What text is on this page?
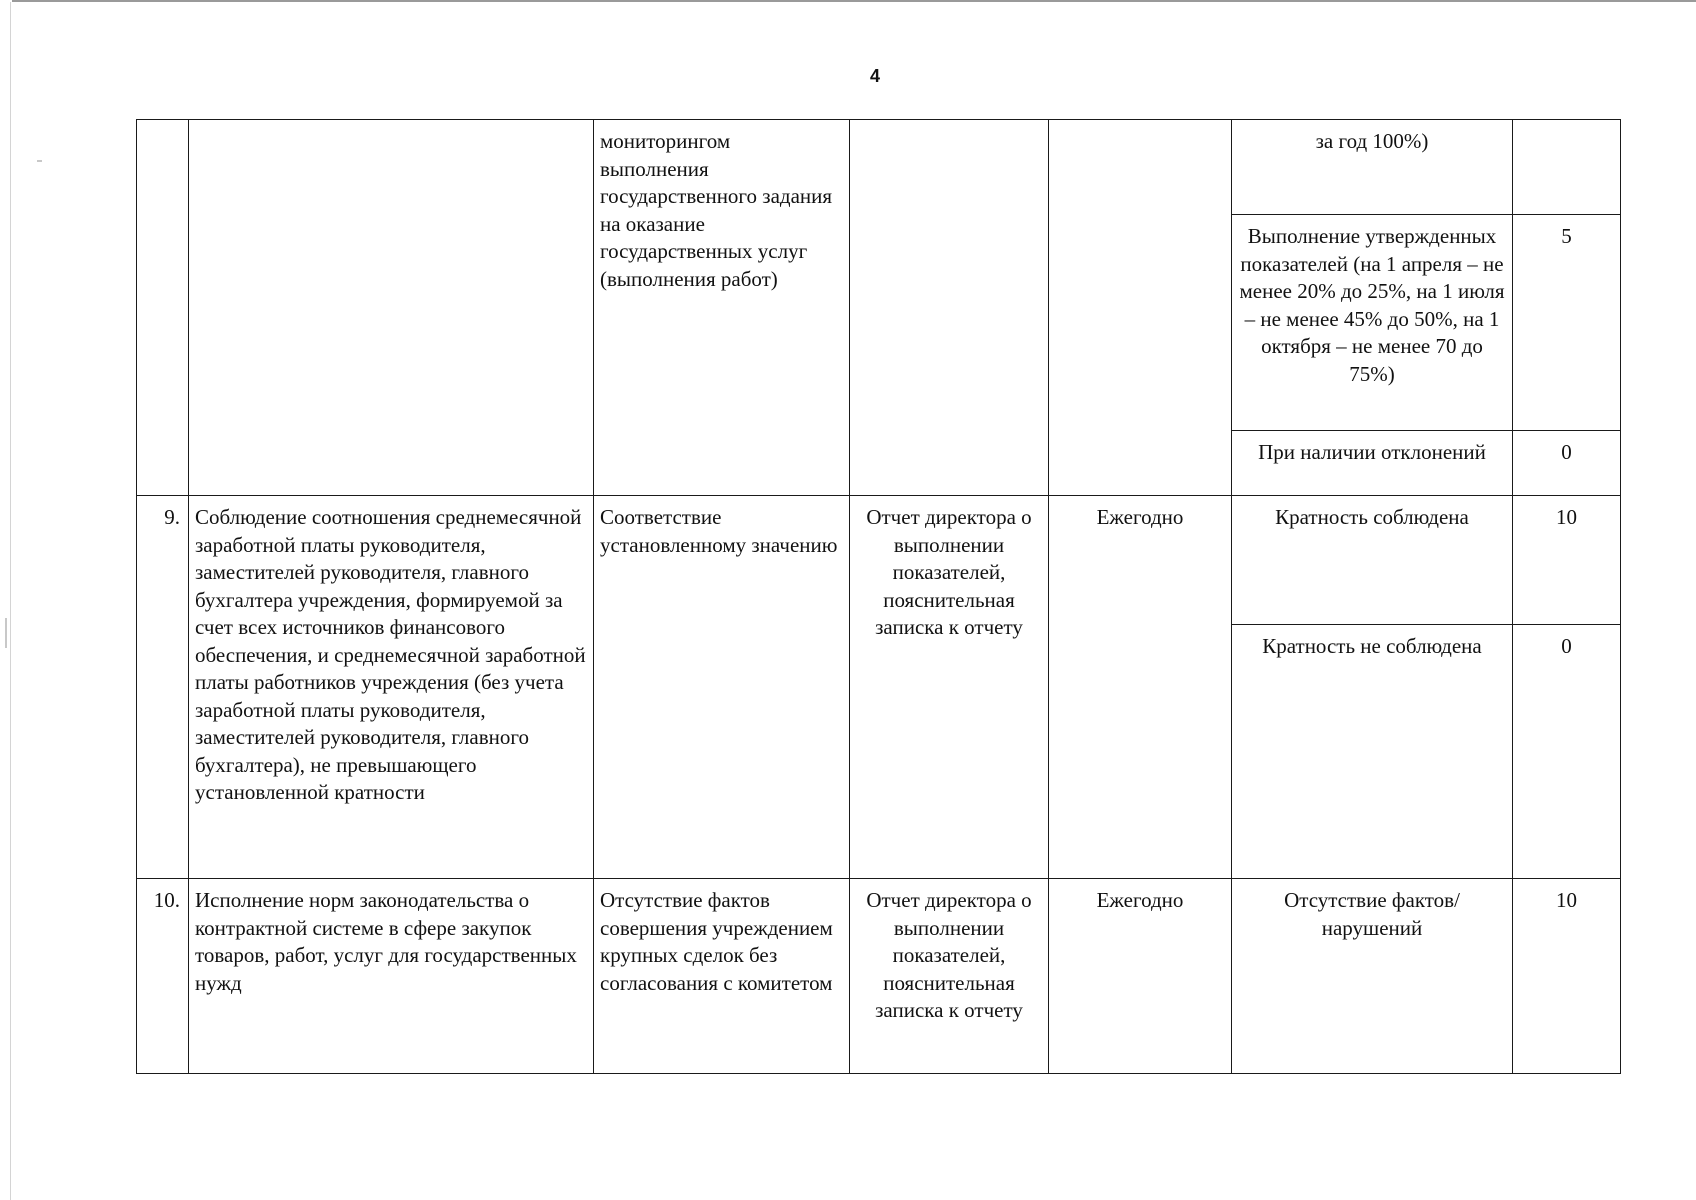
4
		мониторингом выполнения государственного задания на оказание государственных услуг (выполнения работ)			за год 100%)	
					Выполнение утвержденных показателей (на 1 апреля – не менее 20% до 25%, на 1 июля – не менее 45% до 50%, на 1 октября – не менее 70 до 75%)	5
					При наличии отклонений	0
9.	Соблюдение соотношения среднемесячной заработной платы руководителя, заместителей руководителя, главного бухгалтера учреждения, формируемой за счет всех источников финансового обеспечения, и среднемесячной заработной платы работников учреждения (без учета заработной платы руководителя, заместителей руководителя, главного бухгалтера), не превышающего установленной кратности	Соответствие установленному значению	Отчет директора о выполнении показателей, пояснительная записка к отчету	Ежегодно	Кратность соблюдена	10
					Кратность не соблюдена	0
10.	Исполнение норм законодательства о контрактной системе в сфере закупок товаров, работ, услуг для государственных нужд	Отсутствие фактов совершения учреждением крупных сделок без согласования с комитетом	Отчет директора о выполнении показателей, пояснительная записка к отчету	Ежегодно	Отсутствие фактов/нарушений	10
